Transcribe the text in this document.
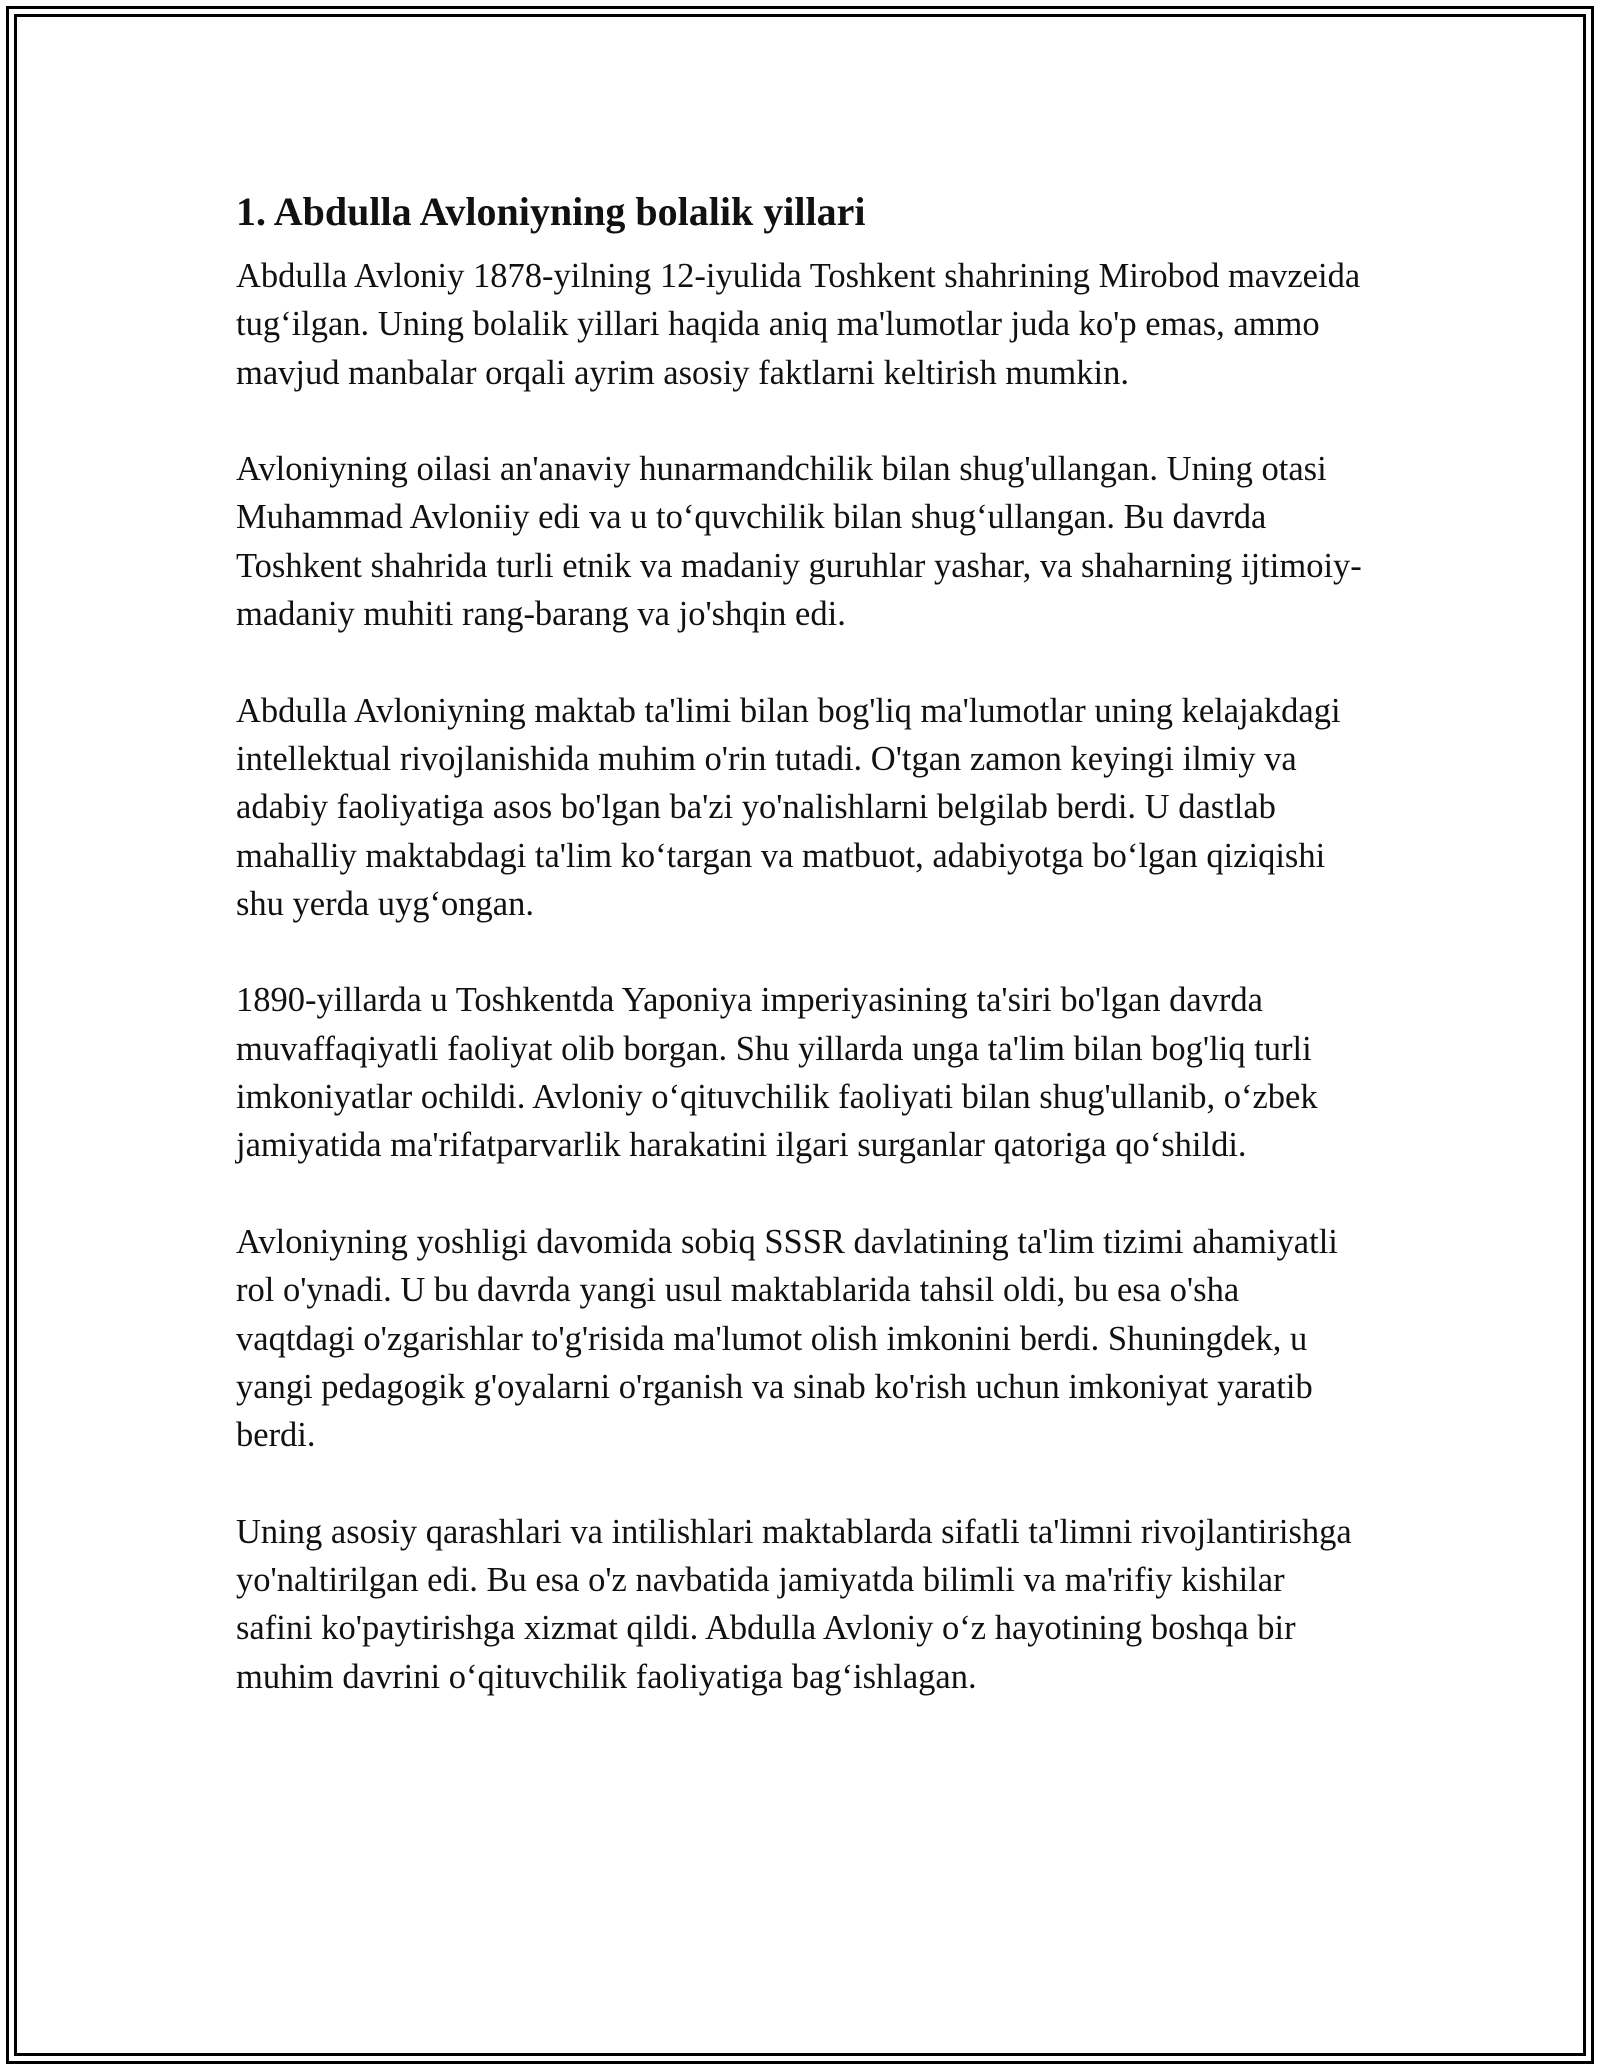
1. Abdulla Avloniyning bolalik yillari

Abdulla Avloniy 1878-yilning 12-iyulida Toshkent shahrining Mirobod mavzeida tug‘ilgan. Uning bolalik yillari haqida aniq ma'lumotlar juda ko'p emas, ammo mavjud manbalar orqali ayrim asosiy faktlarni keltirish mumkin.

Avloniyning oilasi an'anaviy hunarmandchilik bilan shug'ullangan. Uning otasi Muhammad Avloniiy edi va u to‘quvchilik bilan shug‘ullangan. Bu davrda Toshkent shahrida turli etnik va madaniy guruhlar yashar, va shaharning ijtimoiy-madaniy muhiti rang-barang va jo'shqin edi.

Abdulla Avloniyning maktab ta'limi bilan bog'liq ma'lumotlar uning kelajakdagi intellektual rivojlanishida muhim o'rin tutadi. O'tgan zamon keyingi ilmiy va adabiy faoliyatiga asos bo'lgan ba'zi yo'nalishlarni belgilab berdi. U dastlab mahalliy maktabdagi ta'lim ko‘targan va matbuot, adabiyotga bo‘lgan qiziqishi shu yerda uyg‘ongan.

1890-yillarda u Toshkentda Yaponiya imperiyasining ta'siri bo'lgan davrda muvaffaqiyatli faoliyat olib borgan. Shu yillarda unga ta'lim bilan bog'liq turli imkoniyatlar ochildi. Avloniy o‘qituvchilik faoliyati bilan shug'ullanib, o‘zbek jamiyatida ma'rifatparvarlik harakatini ilgari surganlar qatoriga qo‘shildi.

Avloniyning yoshligi davomida sobiq SSSR davlatining ta'lim tizimi ahamiyatli rol o'ynadi. U bu davrda yangi usul maktablarida tahsil oldi, bu esa o'sha vaqtdagi o'zgarishlar to'g'risida ma'lumot olish imkonini berdi. Shuningdek, u yangi pedagogik g'oyalarni o'rganish va sinab ko'rish uchun imkoniyat yaratib berdi.

Uning asosiy qarashlari va intilishlari maktablarda sifatli ta'limni rivojlantirishga yo'naltirilgan edi. Bu esa o'z navbatida jamiyatda bilimli va ma'rifiy kishilar safini ko'paytirishga xizmat qildi. Abdulla Avloniy o‘z hayotining boshqa bir muhim davrini o‘qituvchilik faoliyatiga bag‘ishlagan.
